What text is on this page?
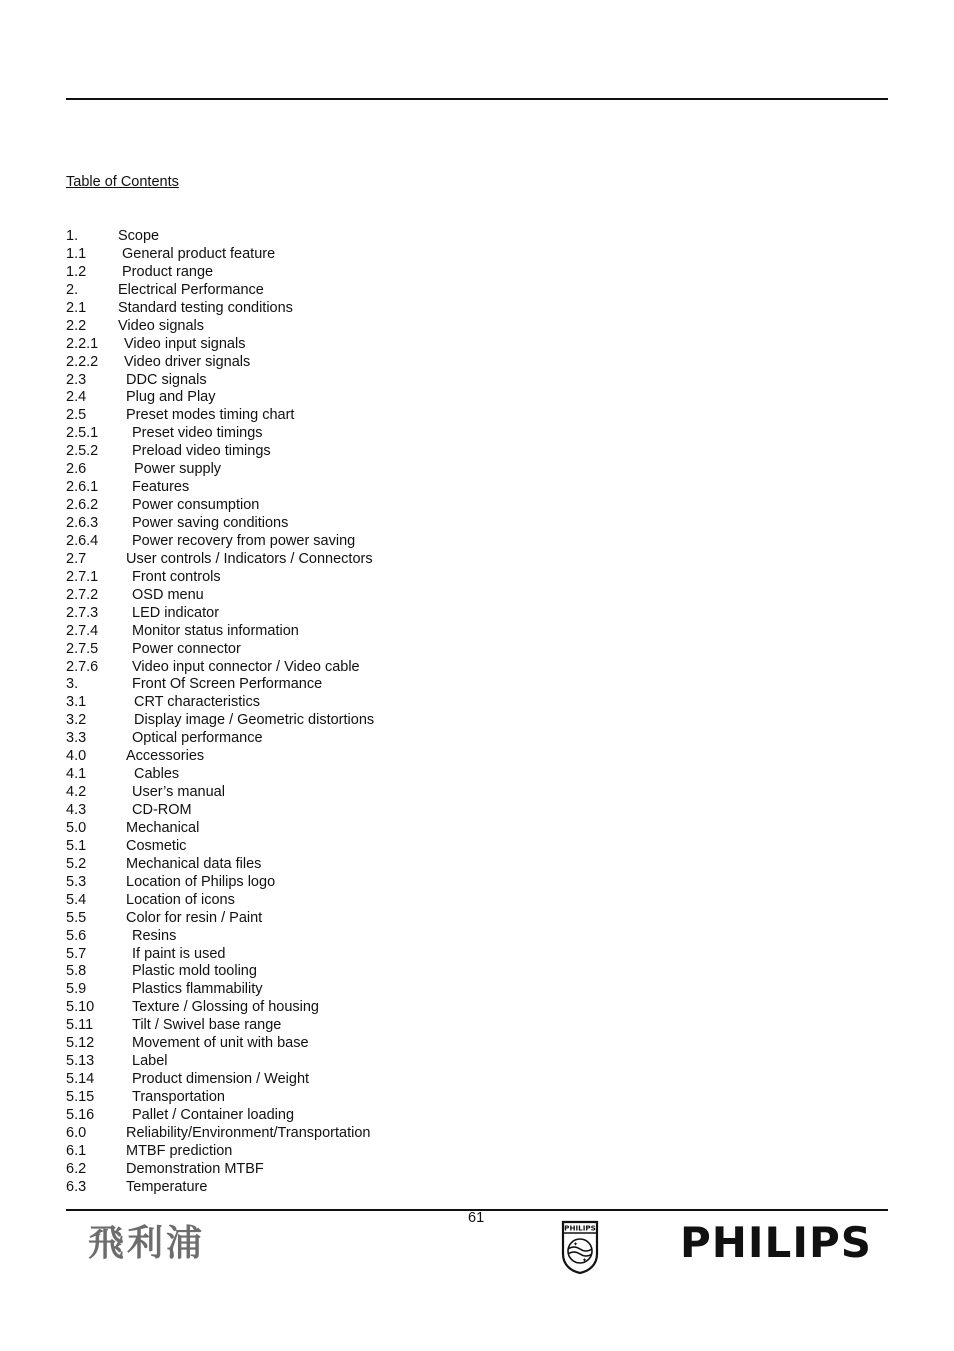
Table of Contents
1.	Scope
1.1 General product feature
1.2 Product range
2.	Electrical Performance
2.1 Standard testing conditions
2.2 Video signals
2.2.1 Video input signals
2.2.2 Video driver signals
2.3	DDC signals
2.4	Plug and Play
2.5	Preset modes timing chart
2.5.1 Preset video timings
2.5.2 Preload video timings
2.6	Power supply
2.6.1 Features
2.6.2 Power consumption
2.6.3 Power saving conditions
2.6.4 Power recovery from power saving
2.7	User controls / Indicators / Connectors
2.7.1 Front controls
2.7.2 OSD menu
2.7.3 LED indicator
2.7.4 Monitor status information
2.7.5 Power connector
2.7.6 Video input connector / Video cable
3.	Front Of Screen Performance
3.1	CRT characteristics
3.2	Display image / Geometric distortions
3.3	Optical performance
4.0	Accessories
4.1	Cables
4.2	User’s manual
4.3	CD-ROM
5.0	Mechanical
5.1	Cosmetic
5.2	Mechanical data files
5.3	Location of Philips logo
5.4	Location of icons
5.5	Color for resin / Paint
5.6	Resins
5.7	If paint is used
5.8	Plastic mold tooling
5.9	Plastics flammability
5.10	Texture / Glossing of housing
5.11	Tilt / Swivel base range
5.12	Movement of unit with base
5.13	Label
5.14	Product dimension / Weight
5.15	Transportation
5.16	Pallet / Container loading
6.0	Reliability/Environment/Transportation
6.1	MTBF prediction
6.2	Demonstration MTBF
6.3	Temperature
61
飛利浦	PHILIPS
✦
✦ PHILIPS
